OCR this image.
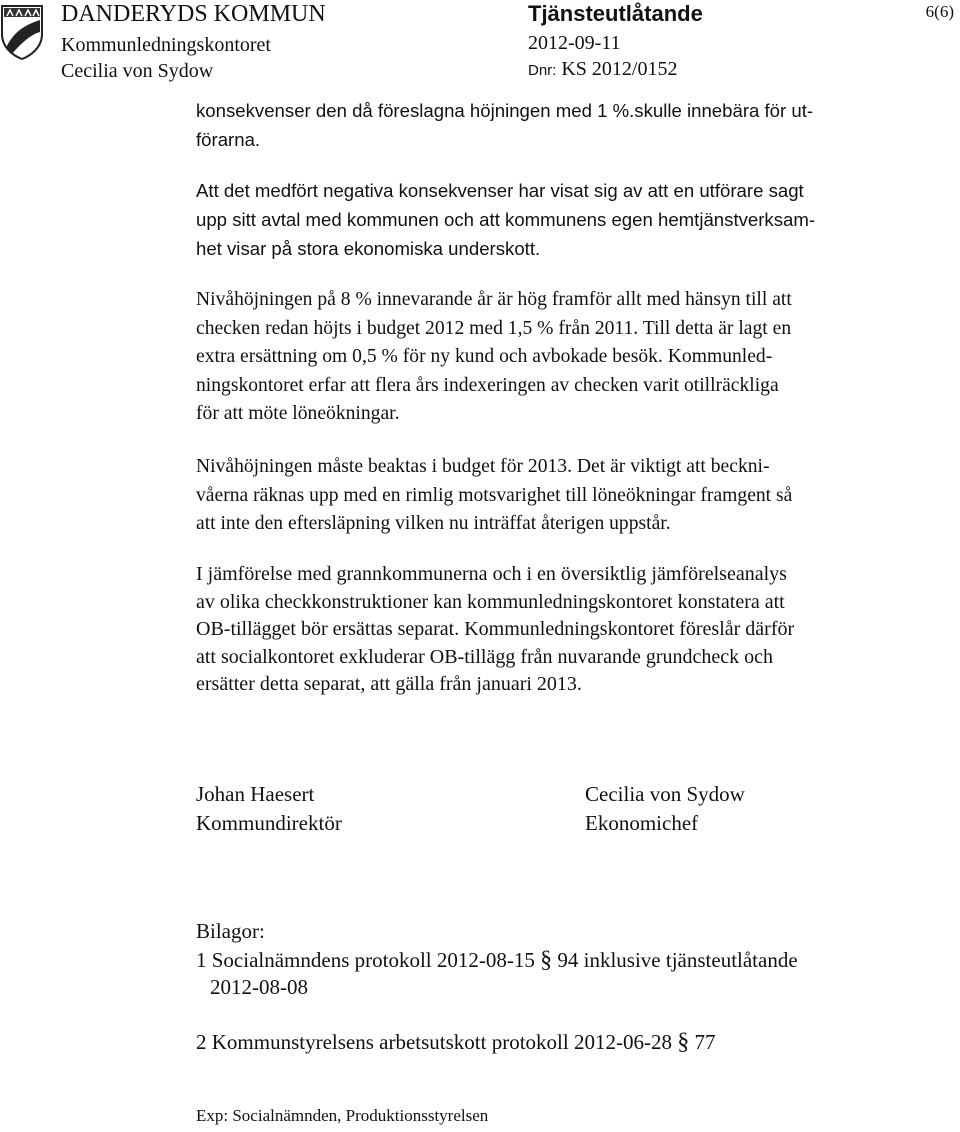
DANDERYDS KOMMUN
Kommunledningskontoret
Cecilia von Sydow
Tjänsteutlåtande
2012-09-11
Dnr: KS 2012/0152
6(6)
konsekvenser den då föreslagna höjningen med 1 %.skulle innebära för ut-
förarna.
Att det medfört negativa konsekvenser har visat sig av att en utförare sagt
upp sitt avtal med kommunen och att kommunens egen hemtjänstverksam-
het visar på stora ekonomiska underskott.
Nivåhöjningen på 8 % innevarande år är hög framför allt med hänsyn till att
checken redan höjts i budget 2012 med 1,5 % från 2011. Till detta är lagt en
extra ersättning om 0,5 % för ny kund och avbokade besök. Kommunled-
ningskontoret erfar att flera års indexeringen av checken varit otillräckliga
för att möte löneökningar.
Nivåhöjningen måste beaktas i budget för 2013. Det är viktigt att beckni-
våerna räknas upp med en rimlig motsvarighet till löneökningar framgent så
att inte den eftersläpning vilken nu inträffat återigen uppstår.
I jämförelse med grannkommunerna och i en översiktlig jämförelseanalys
av olika checkkonstruktioner kan kommunledningskontoret konstatera att
OB-tillägget bör ersättas separat. Kommunledningskontoret föreslår därför
att socialkontoret exkluderar OB-tillägg från nuvarande grundcheck och
ersätter detta separat, att gälla från januari 2013.
Johan Haesert
Kommundirektör
Cecilia von Sydow
Ekonomichef
Bilagor:
1 Socialnämndens protokoll 2012-08-15 § 94 inklusive tjänsteutlåtande
2012-08-08
2 Kommunstyrelsens arbetsutskott protokoll 2012-06-28 § 77
Exp: Socialnämnden, Produktionsstyrelsen
